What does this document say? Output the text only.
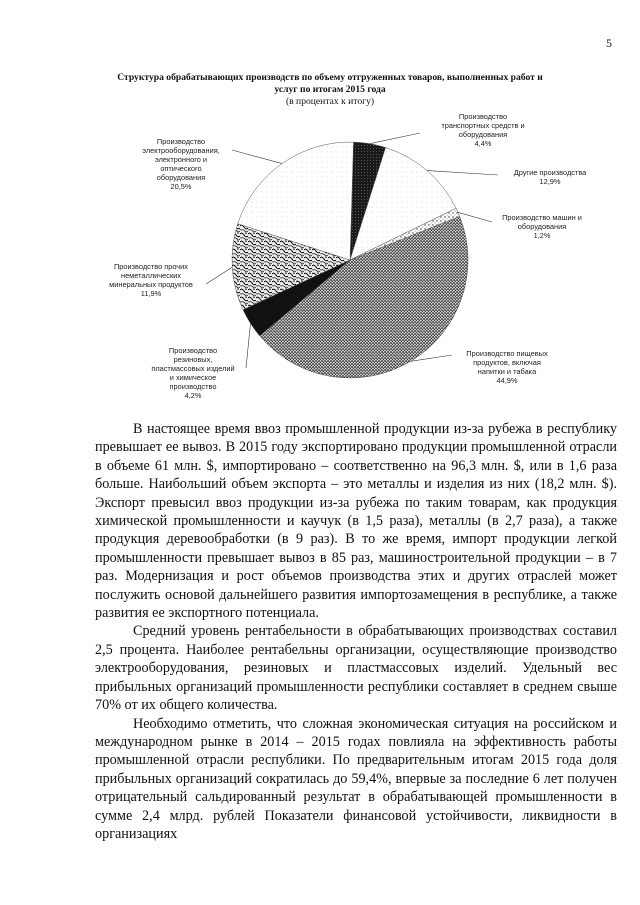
5
Структура обрабатывающих производств по объему отгруженных товаров, выполненных работ и услуг по итогам 2015 года
(в процентах к итогу)
Производство
транспортных средств и
оборудования
4,4%
Другие производства
12,9%
Производство машин и
оборудования
1,2%
Производство пищевых
продуктов, включая
напитки и табака
44,9%
Производство
резиновых,
пластмассовых изделий
и химическое
производство
4,2%
Производство прочих
неметаллических
минеральных продуктов
11,9%
Производство
электрооборудования,
электронного и
оптического
оборудования
20,5%

В настоящее время ввоз промышленной продукции из-за рубежа в республику превышает ее вывоз. В 2015 году экспортировано продукции промышленной отрасли в объеме 61 млн. $, импортировано – соответственно на 96,3 млн. $, или в 1,6 раза больше. Наибольший объем экспорта – это металлы и изделия из них (18,2 млн. $). Экспорт превысил ввоз продукции из-за рубежа по таким товарам, как продукция химической промышленности и каучук (в 1,5 раза), металлы (в 2,7 раза), а также продукция деревообработки (в 9 раз). В то же время, импорт продукции легкой промышленности превышает вывоз в 85 раз, машиностроительной продукции – в 7 раз. Модернизация и рост объемов производства этих и других отраслей может послужить основой дальнейшего развития импортозамещения в республике, а также развития ее экспортного потенциала.

Средний уровень рентабельности в обрабатывающих производствах составил 2,5 процента. Наиболее рентабельны организации, осуществляющие производство электрооборудования, резиновых и пластмассовых изделий. Удельный вес прибыльных организаций промышленности республики составляет в среднем свыше 70% от их общего количества.

Необходимо отметить, что сложная экономическая ситуация на российском и международном рынке в 2014 – 2015 годах повлияла на эффективность работы промышленной отрасли республики. По предварительным итогам 2015 года доля прибыльных организаций сократилась до 59,4%, впервые за последние 6 лет получен отрицательный сальдированный результат в обрабатывающей промышленности в сумме 2,4 млрд. рублей Показатели финансовой устойчивости, ликвидности в организациях
